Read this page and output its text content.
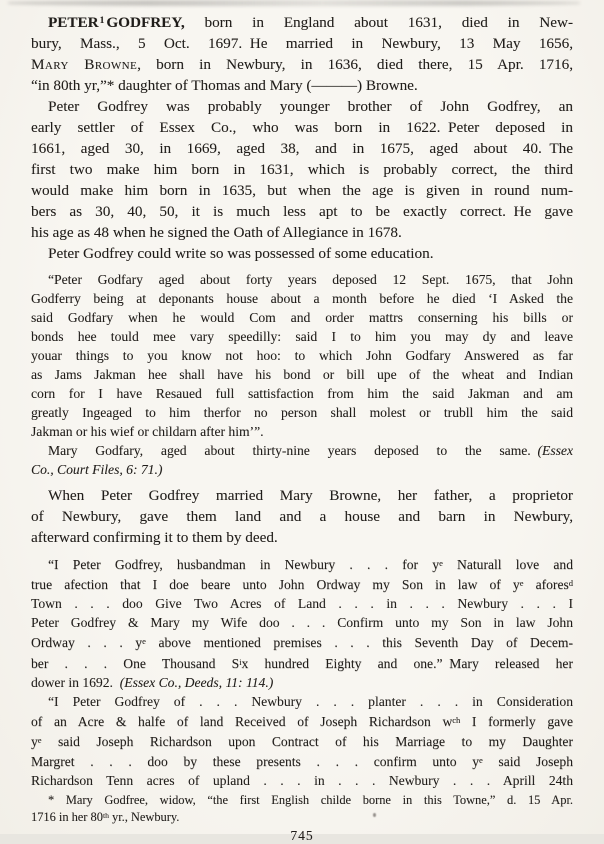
PETER$^1$ GODFREY, born in England about 1631, died in New-
bury, Mass., 5 Oct. 1697. He married in Newbury, 13 May 1656,
Mary Browne, born in Newbury, in 1636, died there, 15 Apr. 1716,
“in 80th yr,”* daughter of Thomas and Mary (———) Browne.
Peter Godfrey was probably younger brother of John Godfrey, an
early settler of Essex Co., who was born in 1622. Peter deposed in
1661, aged 30, in 1669, aged 38, and in 1675, aged about 40. The
first two make him born in 1631, which is probably correct, the third
would make him born in 1635, but when the age is given in round num-
bers as 30, 40, 50, it is much less apt to be exactly correct. He gave
his age as 48 when he signed the Oath of Allegiance in 1678.
Peter Godfrey could write so was possessed of some education.
“Peter Godfary aged about forty years deposed 12 Sept. 1675, that John
Godferry being at deponants house about a month before he died ‘I Asked the
said Godfary when he would Com and order mattrs conserning his bills or
bonds hee tould mee vary speedilly: said I to him you may dy and leave
youar things to you know not hoo: to which John Godfary Answered as far
as Jams Jakman hee shall have his bond or bill upe of the wheat and Indian
corn for I have Resaued full sattisfaction from him the said Jakman and am
greatly Ingeaged to him therfor no person shall molest or trubll him the said
Jakman or his wief or childarn after him’”.
Mary Godfary, aged about thirty-nine years deposed to the same. (Essex
Co., Court Files, 6: 71.)
When Peter Godfrey married Mary Browne, her father, a proprietor
of Newbury, gave them land and a house and barn in Newbury,
afterward confirming it to them by deed.
“I Peter Godfrey, husbandman in Newbury . . . for $y^e$ Naturall love and
true afection that I doe beare unto John Ordway my Son in law of $y^e$ afores$^d$
Town . . . doo Give Two Acres of Land . . . in . . . Newbury . . . I
Peter Godfrey & Mary my Wife doo . . . Confirm unto my Son in law John
Ordway . . . $y^e$ above mentioned premises . . . this Seventh Day of Decem-
ber . . . One Thousand $S^ix$ hundred Eighty and one.” Mary released her
dower in 1692. (Essex Co., Deeds, 11: 114.)
“I Peter Godfrey of . . . Newbury . . . planter . . . in Consideration
of an Acre & halfe of land Received of Joseph Richardson $w^{ch}$ I formerly gave
$y^e$ said Joseph Richardson upon Contract of his Marriage to my Daughter
Margret . . . doo by these presents . . . confirm unto $y^e$ said Joseph
Richardson Tenn acres of upland . . . in . . . Newbury . . . Aprill 24th
* Mary Godfree, widow, “the first English childe borne in this Towne,” d. 15 Apr.
1716 in her 80th yr., Newbury.
745
